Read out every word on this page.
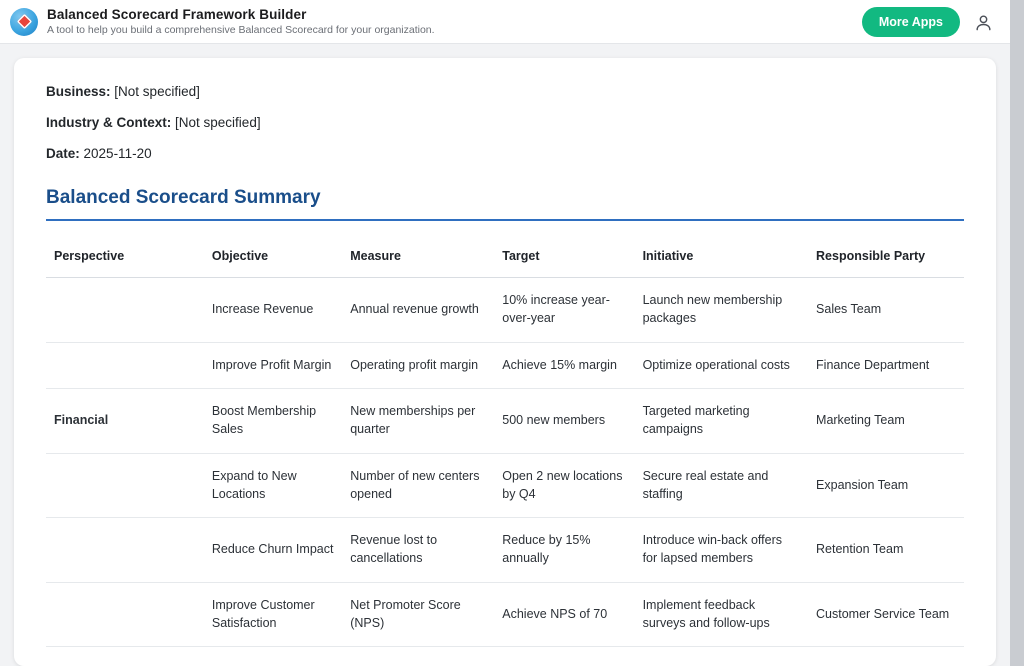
Balanced Scorecard Framework Builder
A tool to help you build a comprehensive Balanced Scorecard for your organization.
More Apps
Business: [Not specified]
Industry & Context: [Not specified]
Date: 2025-11-20
Balanced Scorecard Summary
Perspective	Objective	Measure	Target	Initiative	Responsible Party
	Increase Revenue	Annual revenue growth	10% increase year-over-year	Launch new membership packages	Sales Team
	Improve Profit Margin	Operating profit margin	Achieve 15% margin	Optimize operational costs	Finance Department
Financial	Boost Membership Sales	New memberships per quarter	500 new members	Targeted marketing campaigns	Marketing Team
	Expand to New Locations	Number of new centers opened	Open 2 new locations by Q4	Secure real estate and staffing	Expansion Team
	Reduce Churn Impact	Revenue lost to cancellations	Reduce by 15% annually	Introduce win-back offers for lapsed members	Retention Team
	Improve Customer Satisfaction	Net Promoter Score (NPS)	Achieve NPS of 70	Implement feedback surveys and follow-ups	Customer Service Team
